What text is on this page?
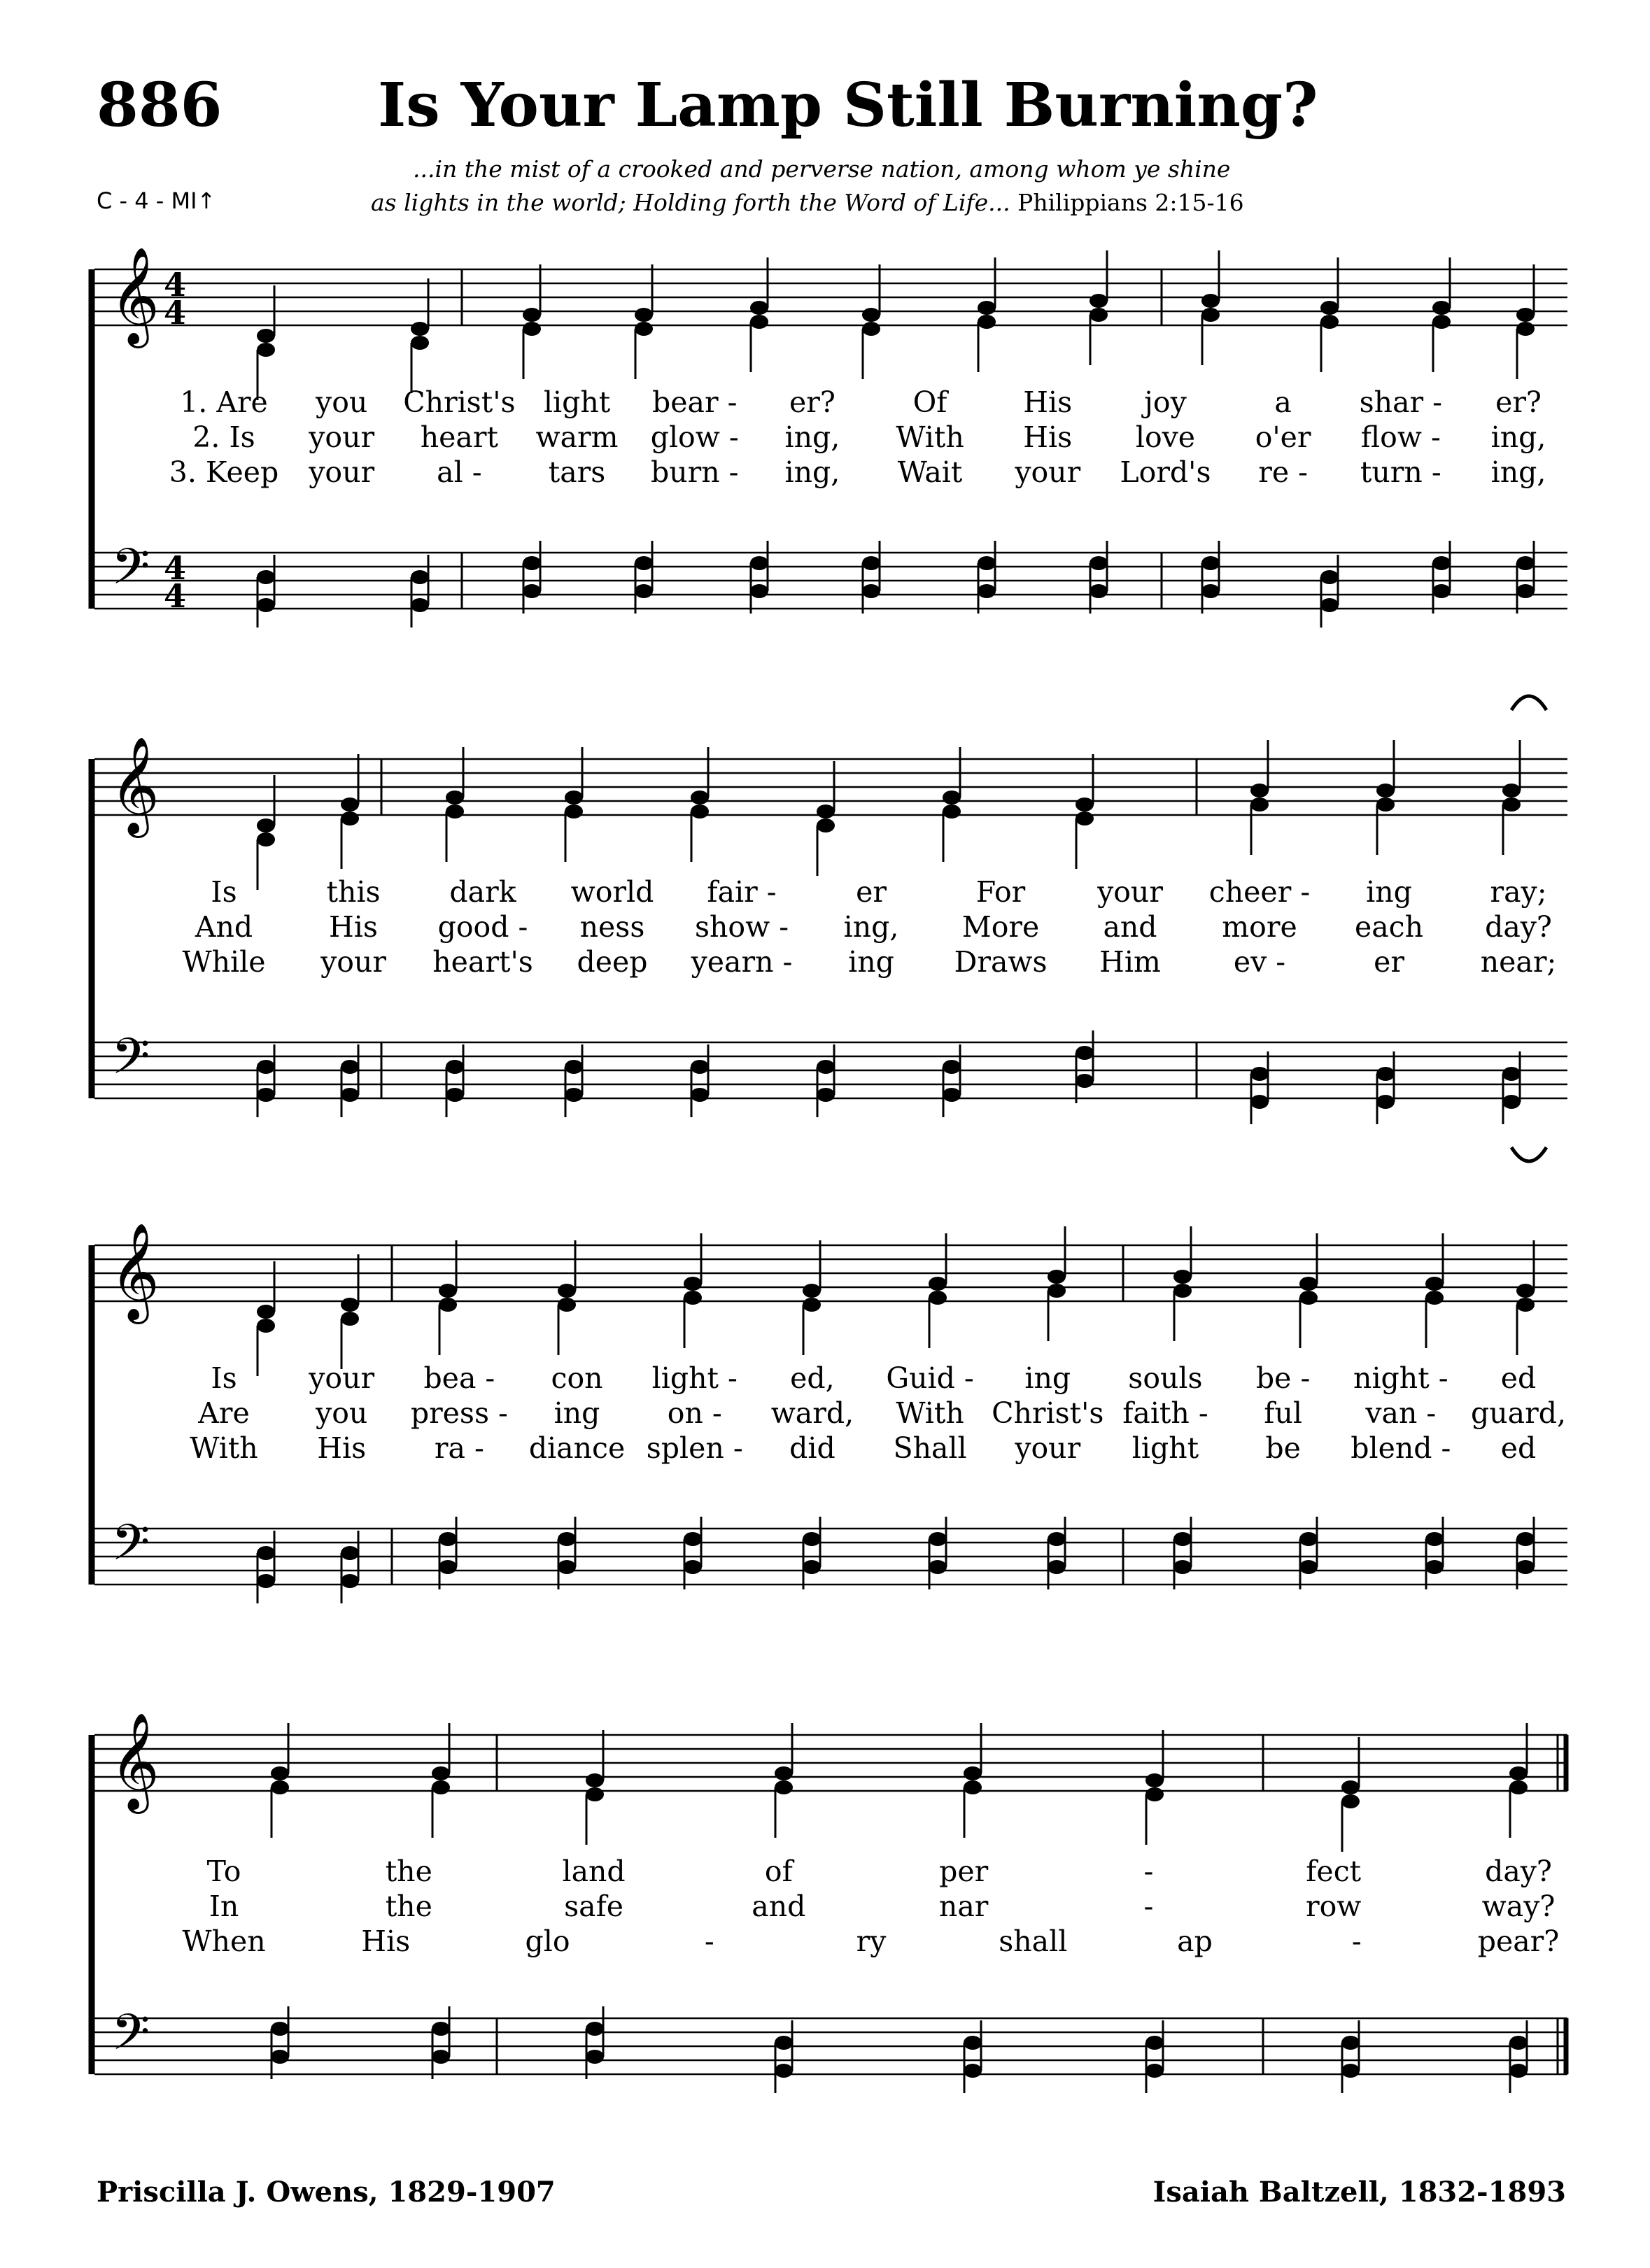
886	Is Your Lamp Still Burning?
...in the mist of a crooked and perverse nation, among whom ye shine
as lights in the world; Holding forth the Word of Life... Philippians 2:15-16
C - 4 - MI↑
𝄞
𝄢
4
4
4
4
𝄞
𝄢
𝄞
𝄢
𝄞
𝄢
1. Are you Christ's light bear - er?	Of	His	joy	a shar - er?
2. Is your heart warm glow - ing, With His love o'er flow - ing,
3. Keep your al - tars burn - ing, Wait your Lord's re - turn - ing,
Is	this dark world fair -	er	For	your cheer - ing	ray;
And	His good - ness show - ing, More and more each day?
While your heart's deep yearn - ing Draws Him	ev -	er	near;
Is	your bea - con light - ed, Guid - ing souls be - night - ed
Are you press - ing on - ward, With Christ's faith - ful van - guard,
With His ra - diance splen - did Shall your light be blend - ed
To	the	land	of	per	-	fect	day?
In	the	safe	and	nar	-	row	way?
When	His	glo	-	ry	shall	ap	-	pear?
Priscilla J. Owens, 1829-1907	Isaiah Baltzell, 1832-1893
